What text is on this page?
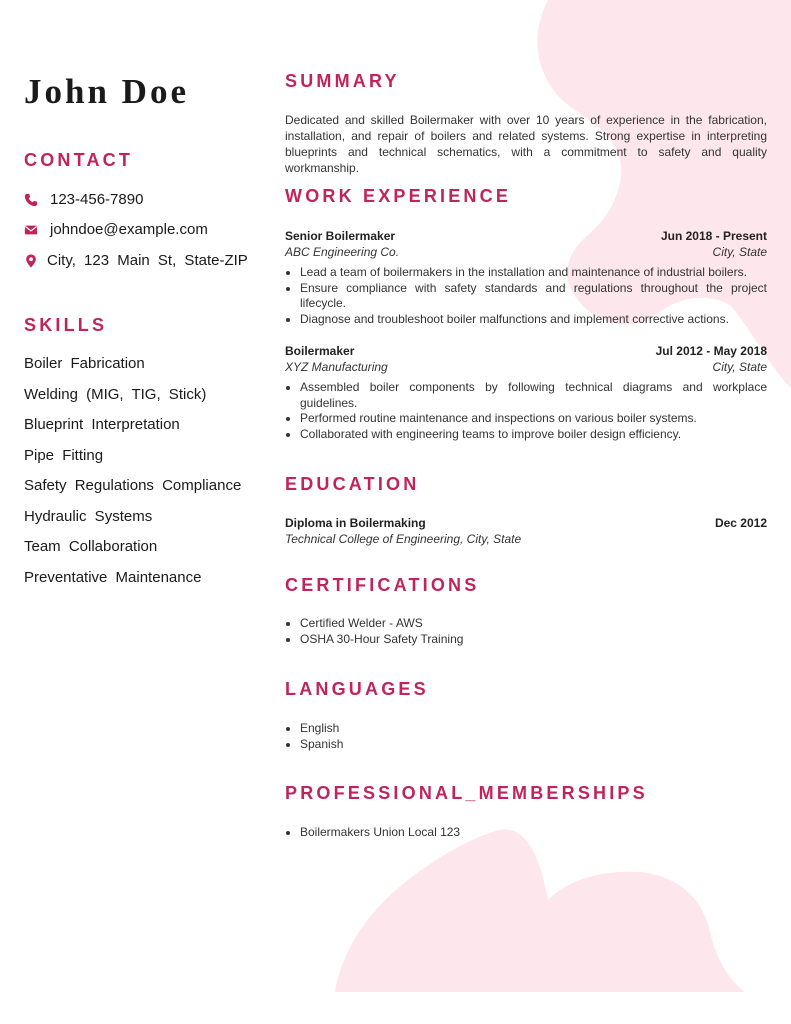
John Doe
CONTACT
123-456-7890
johndoe@example.com
City, 123 Main St, State-ZIP
SKILLS
Boiler Fabrication
Welding (MIG, TIG, Stick)
Blueprint Interpretation
Pipe Fitting
Safety Regulations Compliance
Hydraulic Systems
Team Collaboration
Preventative Maintenance
SUMMARY

Dedicated and skilled Boilermaker with over 10 years of experience in the fabrication, installation, and repair of boilers and related systems. Strong expertise in interpreting blueprints and technical schematics, with a commitment to safety and quality workmanship.

WORK EXPERIENCE
Senior Boilermaker	Jun 2018 - Present
ABC Engineering Co.	City, State
• Lead a team of boilermakers in the installation and maintenance of industrial boilers.
• Ensure compliance with safety standards and regulations throughout the project lifecycle.
• Diagnose and troubleshoot boiler malfunctions and implement corrective actions.
Boilermaker	Jul 2012 - May 2018
XYZ Manufacturing	City, State
• Assembled boiler components by following technical diagrams and workplace guidelines.
• Performed routine maintenance and inspections on various boiler systems.
• Collaborated with engineering teams to improve boiler design efficiency.
EDUCATION
Diploma in Boilermaking	Dec 2012
Technical College of Engineering, City, State
CERTIFICATIONS
• Certified Welder - AWS
• OSHA 30-Hour Safety Training
LANGUAGES
• English
• Spanish
PROFESSIONAL_MEMBERSHIPS
• Boilermakers Union Local 123
